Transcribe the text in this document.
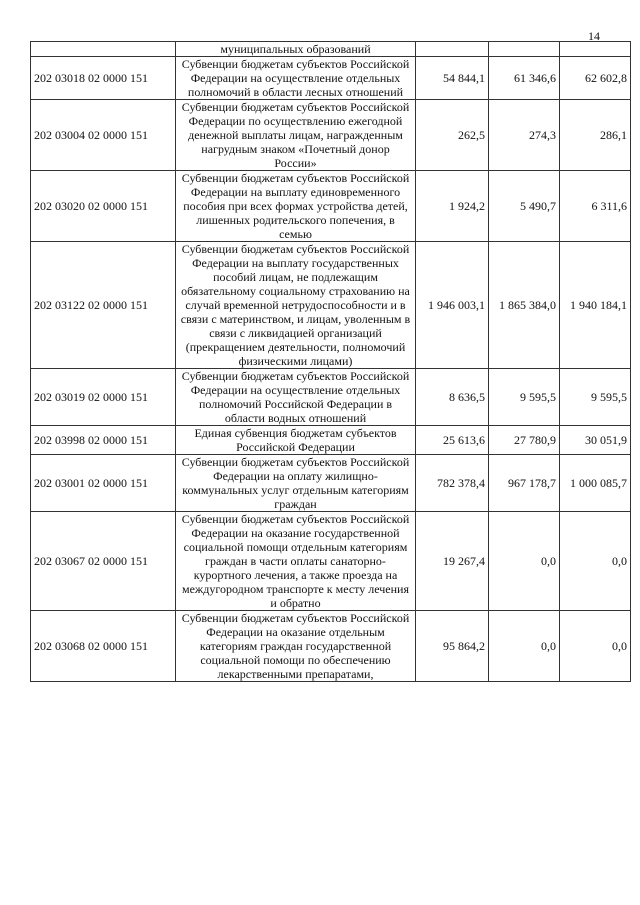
14
	муниципальных образований			
202 03018 02 0000 151	Субвенции бюджетам субъектов Российской Федерации на осуществление отдельных полномочий в области лесных отношений	54 844,1	61 346,6	62 602,8
202 03004 02 0000 151	Субвенции бюджетам субъектов Российской Федерации по осуществлению ежегодной денежной выплаты лицам, награжденным нагрудным знаком «Почетный донор России»	262,5	274,3	286,1
202 03020 02 0000 151	Субвенции бюджетам субъектов Российской Федерации на выплату единовременного пособия при всех формах устройства детей, лишенных родительского попечения, в семью	1 924,2	5 490,7	6 311,6
202 03122 02 0000 151	Субвенции бюджетам субъектов Российской Федерации на выплату государственных пособий лицам, не подлежащим обязательному социальному страхованию на случай временной нетрудоспособности и в связи с материнством, и лицам, уволенным в связи с ликвидацией организаций (прекращением деятельности, полномочий физическими лицами)	1 946 003,1	1 865 384,0	1 940 184,1
202 03019 02 0000 151	Субвенции бюджетам субъектов Российской Федерации на осуществление отдельных полномочий Российской Федерации в области водных отношений	8 636,5	9 595,5	9 595,5
202 03998 02 0000 151	Единая субвенция бюджетам субъектов Российской Федерации	25 613,6	27 780,9	30 051,9
202 03001 02 0000 151	Субвенции бюджетам субъектов Российской Федерации на оплату жилищно-коммунальных услуг отдельным категориям граждан	782 378,4	967 178,7	1 000 085,7
202 03067 02 0000 151	Субвенции бюджетам субъектов Российской Федерации на оказание государственной социальной помощи отдельным категориям граждан в части оплаты санаторно-курортного лечения, а также проезда на междугородном транспорте к месту лечения и обратно	19 267,4	0,0	0,0
202 03068 02 0000 151	Субвенции бюджетам субъектов Российской Федерации на оказание отдельным категориям граждан государственной социальной помощи по обеспечению лекарственными препаратами,	95 864,2	0,0	0,0
